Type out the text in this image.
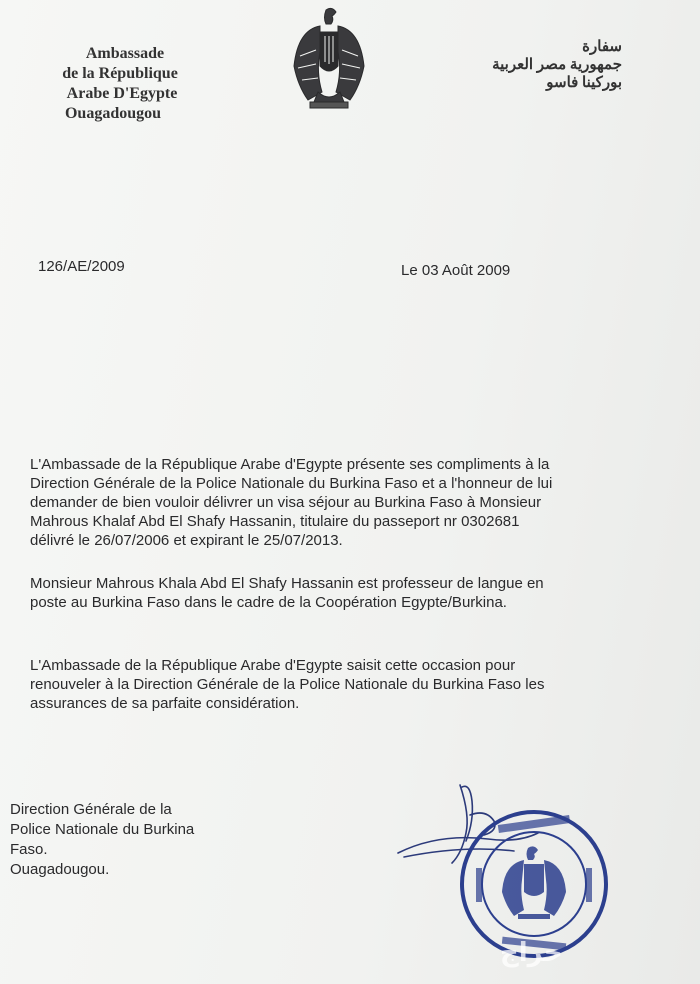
Ambassade
de la République
Arabe D'Egypte
Ouagadougou
سفارة
جمهورية مصر العربية
بوركينا فاسو
126/AE/2009	Le 03 Août 2009
L'Ambassade de la République Arabe d'Egypte présente ses compliments à la
Direction Générale de la Police Nationale du Burkina Faso et a l'honneur de lui
demander de bien vouloir délivrer un visa séjour au Burkina Faso à Monsieur
Mahrous Khalaf Abd El Shafy Hassanin, titulaire du passeport nr 0302681
délivré le 26/07/2006 et expirant le 25/07/2013.
Monsieur Mahrous Khala Abd El Shafy Hassanin est professeur de langue en
poste au Burkina Faso dans le cadre de la Coopération Egypte/Burkina.
L'Ambassade de la République Arabe d'Egypte saisit cette occasion pour
renouveler à la Direction Générale de la Police Nationale du Burkina Faso les
assurances de sa parfaite considération.
Direction Générale de la
Police Nationale du Burkina
Faso.
Ouagadougou.
حراج
